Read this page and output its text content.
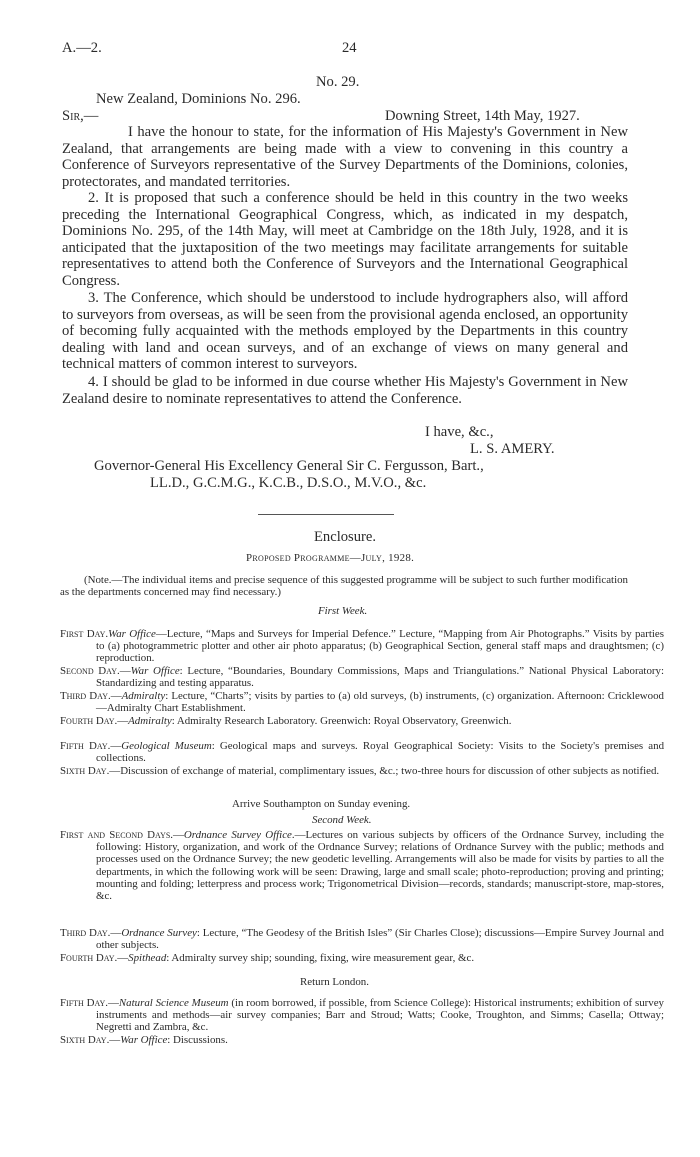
A.—2.	24
No. 29.
New Zealand, Dominions No. 296.
Sir,—	Downing Street, 14th May, 1927.
I have the honour to state, for the information of His Majesty's Government in New Zealand, that arrangements are being made with a view to convening in this country a Conference of Surveyors representative of the Survey Departments of the Dominions, colonies, protectorates, and mandated territories.
2. It is proposed that such a conference should be held in this country in the two weeks preceding the International Geographical Congress, which, as indicated in my despatch, Dominions No. 295, of the 14th May, will meet at Cambridge on the 18th July, 1928, and it is anticipated that the juxtaposition of the two meetings may facilitate arrangements for suitable representatives to attend both the Conference of Surveyors and the International Geographical Congress.
3. The Conference, which should be understood to include hydrographers also, will afford to surveyors from overseas, as will be seen from the provisional agenda enclosed, an opportunity of becoming fully acquainted with the methods employed by the Departments in this country dealing with land and ocean surveys, and of an exchange of views on many general and technical matters of common interest to surveyors.
4. I should be glad to be informed in due course whether His Majesty's Government in New Zealand desire to nominate representatives to attend the Conference.
I have, &c.,
L. S. AMERY.
Governor-General His Excellency General Sir C. Fergusson, Bart.,
LL.D., G.C.M.G., K.C.B., D.S.O., M.V.O., &c.
Enclosure.
Proposed Programme—July, 1928.
(Note.—The individual items and precise sequence of this suggested programme will be subject to such further modification as the departments concerned may find necessary.)
First Week.
First Day.War Office—Lecture, “Maps and Surveys for Imperial Defence.” Lecture, “Mapping from Air Photographs.” Visits by parties to (a) photogrammetric plotter and other air photo apparatus; (b) Geographical Section, general staff maps and draughtsmen; (c) reproduction.
Second Day.—War Office: Lecture, “Boundaries, Boundary Commissions, Maps and Triangulations.” National Physical Laboratory: Standardizing and testing apparatus.
Third Day.—Admiralty: Lecture, “Charts”; visits by parties to (a) old surveys, (b) instruments, (c) organization. Afternoon: Cricklewood—Admiralty Chart Establishment.
Fourth Day.—Admiralty: Admiralty Research Laboratory. Greenwich: Royal Observatory, Greenwich.
Fifth Day.—Geological Museum: Geological maps and surveys. Royal Geographical Society: Visits to the Society's premises and collections.
Sixth Day.—Discussion of exchange of material, complimentary issues, &c.; two-three hours for discussion of other subjects as notified.
Arrive Southampton on Sunday evening.
Second Week.
First and Second Days.—Ordnance Survey Office.—Lectures on various subjects by officers of the Ordnance Survey, including the following: History, organization, and work of the Ordnance Survey; relations of Ordnance Survey with the public; methods and processes used on the Ordnance Survey; the new geodetic levelling. Arrangements will also be made for visits by parties to all the departments, in which the following work will be seen: Drawing, large and small scale; photo-reproduction; proving and printing; mounting and folding; letterpress and process work; Trigonometrical Division—records, standards; manuscript-store, map-stores, &c.
Third Day.—Ordnance Survey: Lecture, “The Geodesy of the British Isles” (Sir Charles Close); discussions—Empire Survey Journal and other subjects.
Fourth Day.—Spithead: Admiralty survey ship; sounding, fixing, wire measurement gear, &c.
Return London.
Fifth Day.—Natural Science Museum (in room borrowed, if possible, from Science College): Historical instruments; exhibition of survey instruments and methods—air survey companies; Barr and Stroud; Watts; Cooke, Troughton, and Simms; Casella; Ottway; Negretti and Zambra, &c.
Sixth Day.—War Office: Discussions.
